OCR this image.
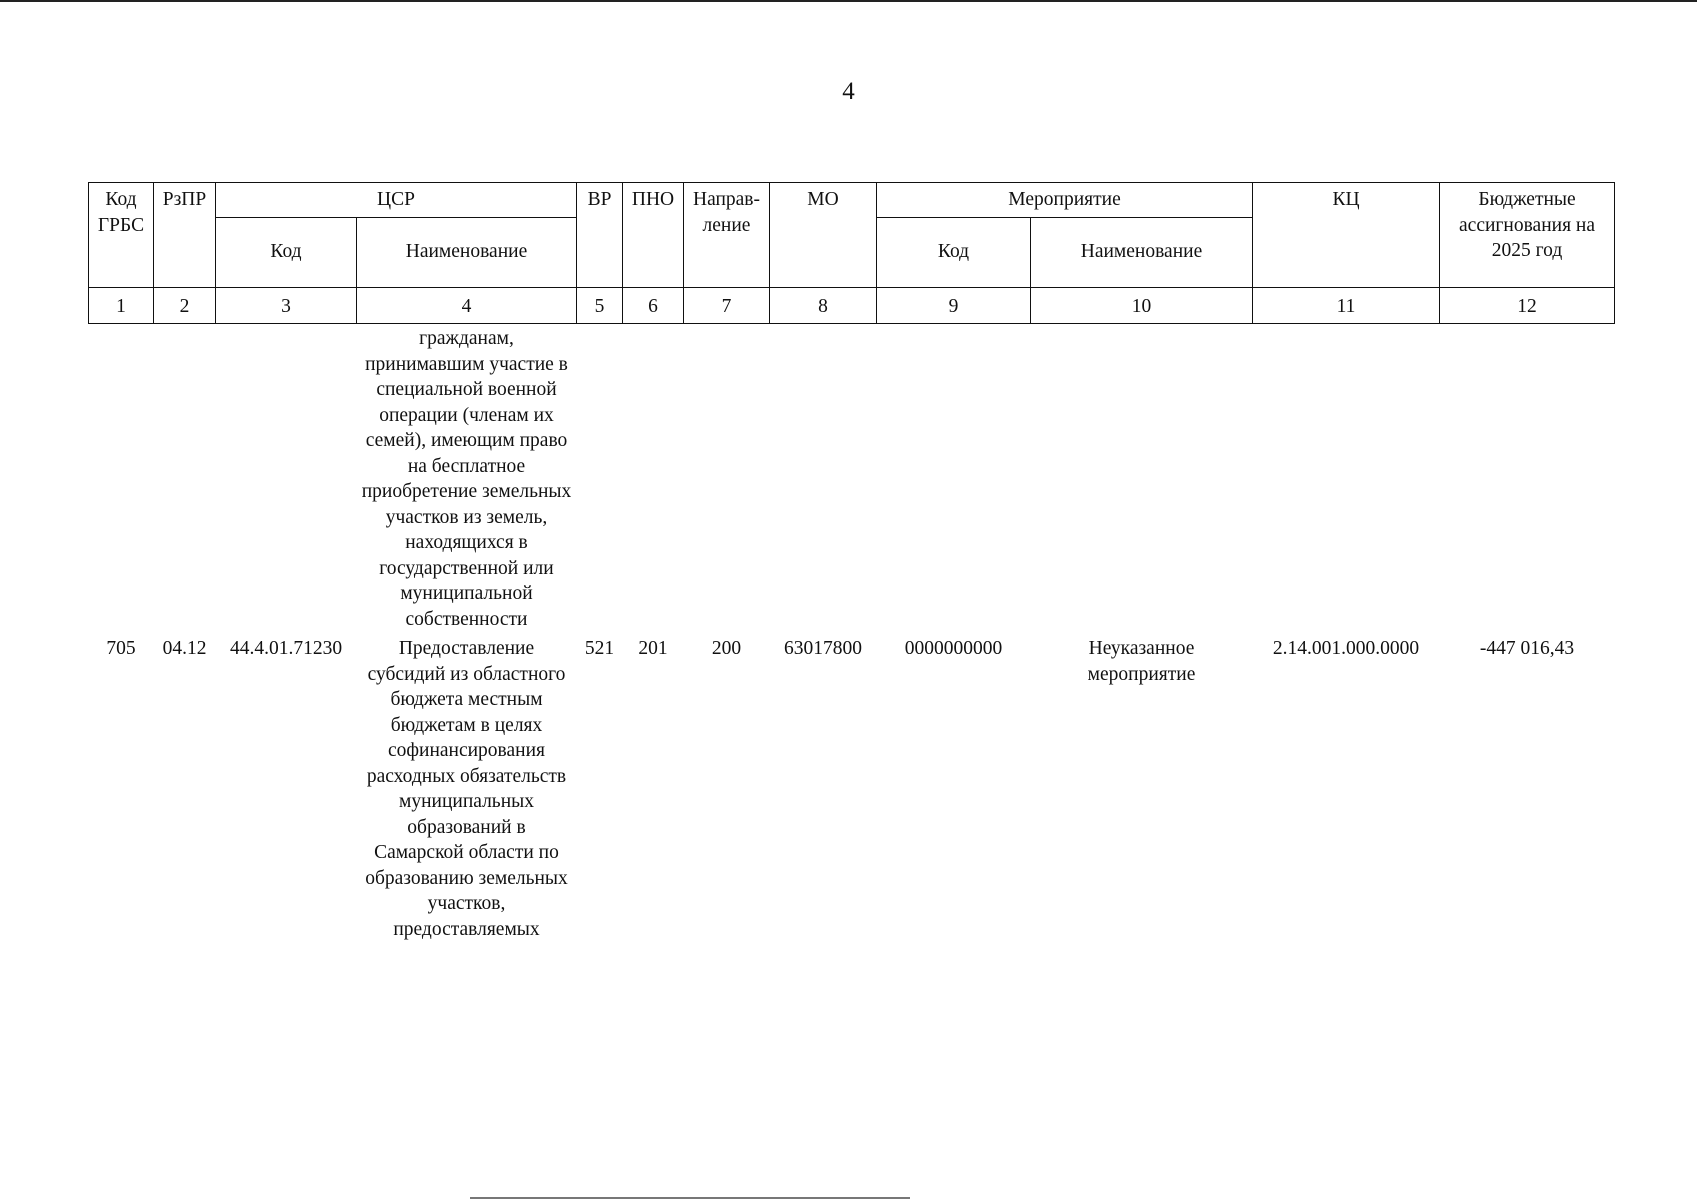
4
Код ГРБС	РзПР	ЦСР		ВР	ПНО	Направ-ление	МО	Мероприятие		КЦ	Бюджетные ассигнования на 2025 год
		Код	Наименование					Код	Наименование		
1	2	3	4	5	6	7	8	9	10	11	12
			гражданам, принимавшим участие в специальной военной операции (членам их семей), имеющим право на бесплатное приобретение земельных участков из земель, находящихся в государственной или муниципальной собственности								
705	04.12	44.4.01.71230	Предоставление субсидий из областного бюджета местным бюджетам в целях софинансирования расходных обязательств муниципальных образований в Самарской области по образованию земельных участков, предоставляемых	521	201	200	63017800	0000000000	Неуказанное мероприятие	2.14.001.000.0000	-447 016,43
